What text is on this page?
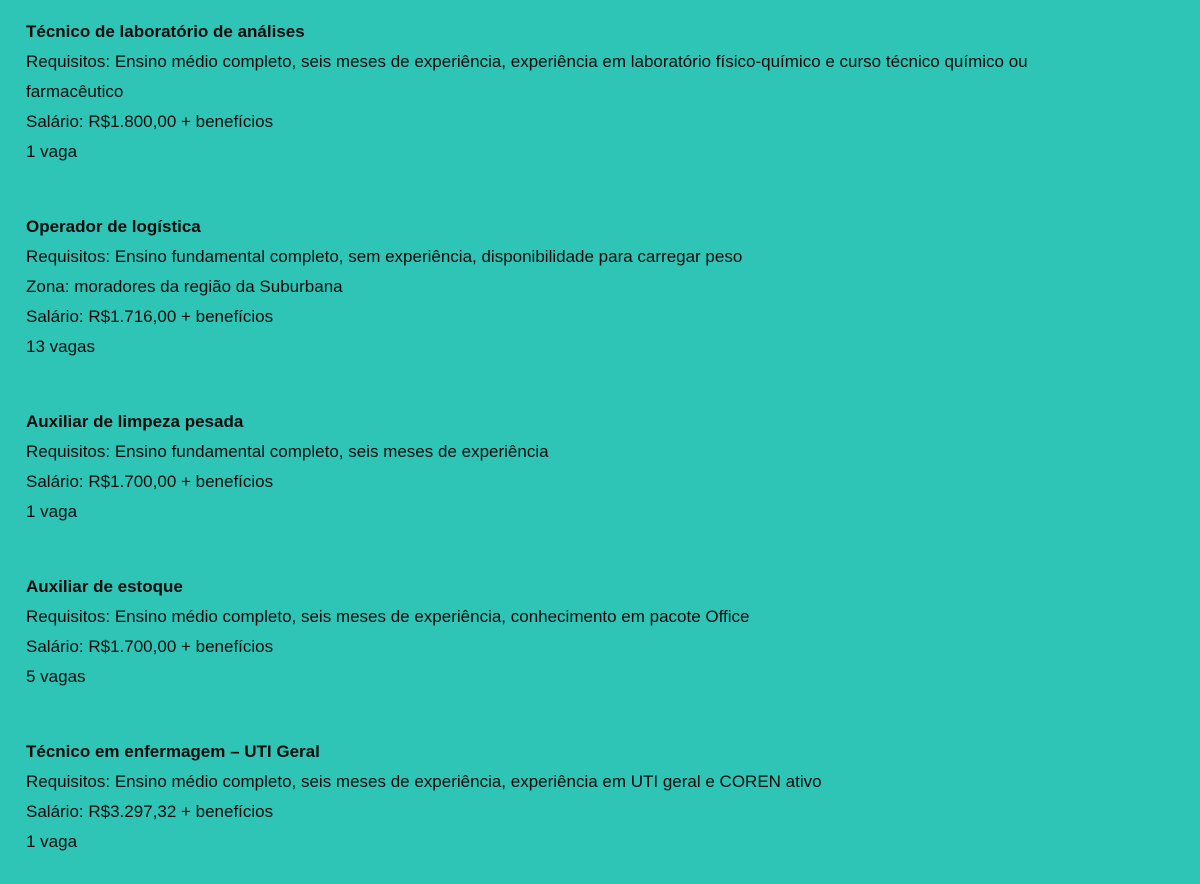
Técnico de laboratório de análises

Requisitos: Ensino médio completo, seis meses de experiência, experiência em laboratório físico-químico e curso técnico químico ou farmacêutico

Salário: R$1.800,00 + benefícios

1 vaga

Operador de logística

Requisitos: Ensino fundamental completo, sem experiência, disponibilidade para carregar peso

Zona: moradores da região da Suburbana

Salário: R$1.716,00 + benefícios

13 vagas

Auxiliar de limpeza pesada

Requisitos: Ensino fundamental completo, seis meses de experiência

Salário: R$1.700,00 + benefícios

1 vaga

Auxiliar de estoque

Requisitos: Ensino médio completo, seis meses de experiência, conhecimento em pacote Office

Salário: R$1.700,00 + benefícios

5 vagas

Técnico em enfermagem – UTI Geral

Requisitos: Ensino médio completo, seis meses de experiência, experiência em UTI geral e COREN ativo

Salário: R$3.297,32 + benefícios

1 vaga
